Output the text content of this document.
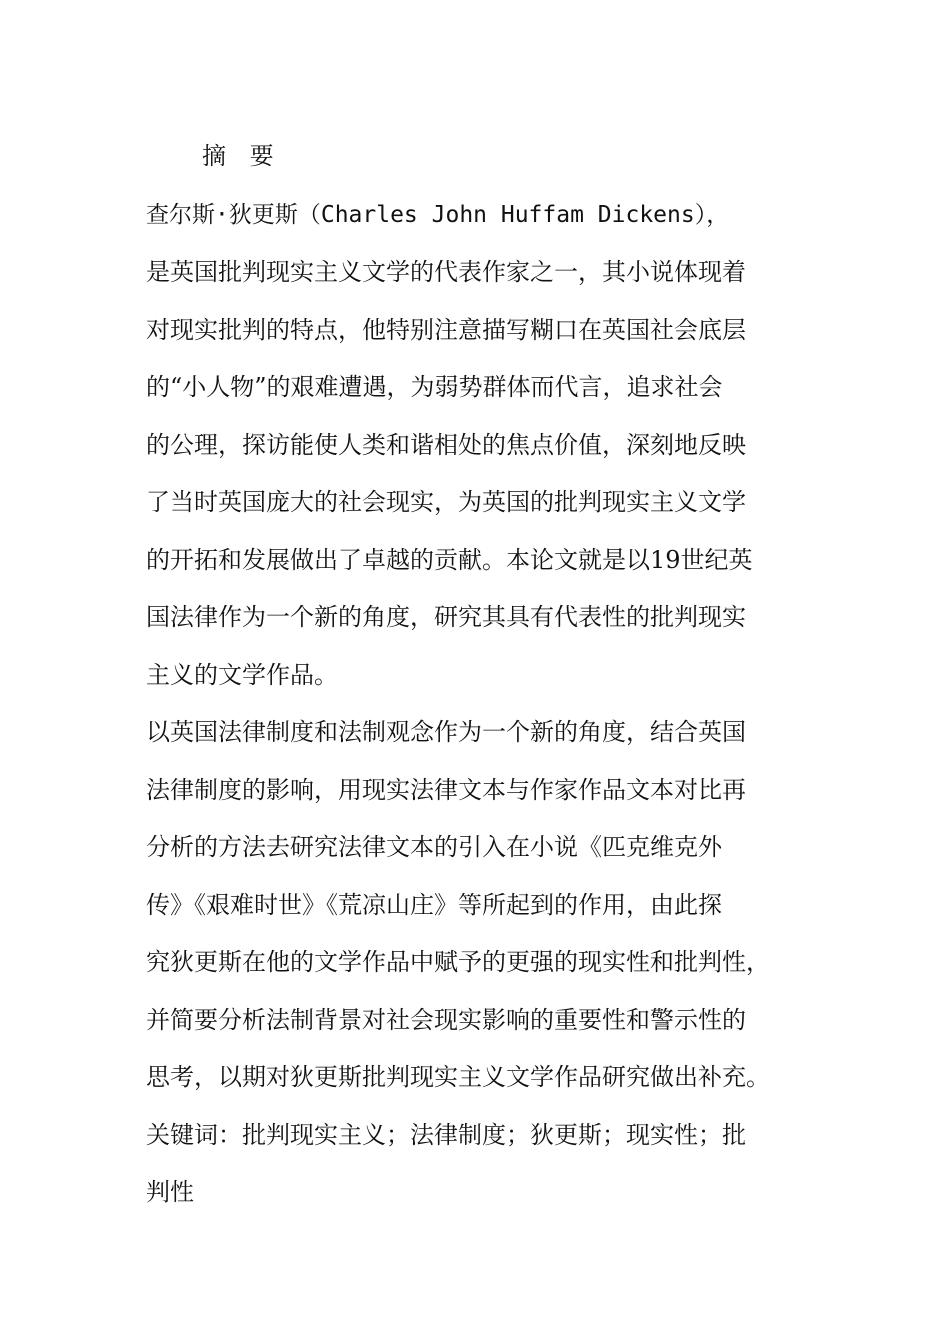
摘 要
查尔斯·狄更斯（Charles John Huffam Dickens），
是英国批判现实主义文学的代表作家之一，其小说体现着
对现实批判的特点，他特别注意描写糊口在英国社会底层
的“小人物”的艰难遭遇，为弱势群体而代言，追求社会
的公理，探访能使人类和谐相处的焦点价值，深刻地反映
了当时英国庞大的社会现实，为英国的批判现实主义文学
的开拓和发展做出了卓越的贡献。本论文就是以19世纪英
国法律作为一个新的角度，研究其具有代表性的批判现实
主义的文学作品。
以英国法律制度和法制观念作为一个新的角度，结合英国
法律制度的影响，用现实法律文本与作家作品文本对比再
分析的方法去研究法律文本的引入在小说《匹克维克外
传》《艰难时世》《荒凉山庄》等所起到的作用，由此探
究狄更斯在他的文学作品中赋予的更强的现实性和批判性，
并简要分析法制背景对社会现实影响的重要性和警示性的
思考，以期对狄更斯批判现实主义文学作品研究做出补充。
关键词：批判现实主义；法律制度；狄更斯；现实性；批
判性
